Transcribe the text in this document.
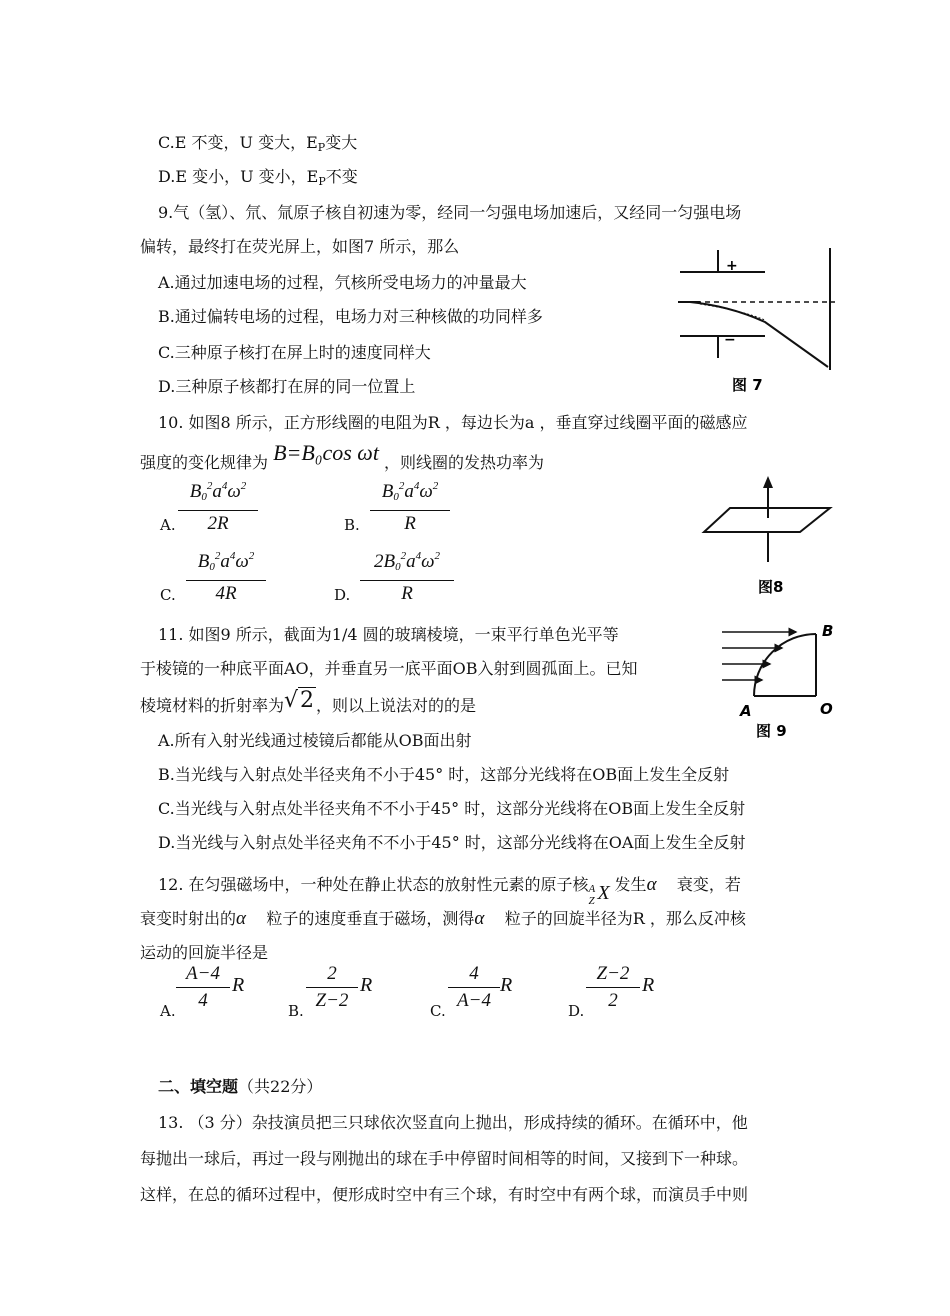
C.E 不变，U 变大，$E_P$变大
D.E 变小，U 变小，$E_P$不变
9.气（氢）、氘、氚原子核自初速为零，经同一匀强电场加速后，又经同一匀强电场
偏转，最终打在荧光屏上，如图7 所示，那么
A.通过加速电场的过程，氕核所受电场力的冲量最大
B.通过偏转电场的过程，电场力对三种核做的功同样多
C.三种原子核打在屏上时的速度同样大
D.三种原子核都打在屏的同一位置上
+
−
图 7
10. 如图8 所示，正方形线圈的电阻为R ，每边长为a ，垂直穿过线圈平面的磁感应
强度的变化规律为 B=B₀cos ωt ，则线圈的发热功率为
A. $\frac{B_0^2a^4\omega^2}{2R}$	B. $\frac{B_0^2a^4\omega^2}{R}$
C. $\frac{B_0^2a^4\omega^2}{4R}$	D. $\frac{2B_0^2a^4\omega^2}{R}$	图8
11. 如图9 所示，截面为1/4 圆的玻璃棱境，一束平行单色光平等
于棱镜的一种底平面AO，并垂直另一底平面OB入射到圆孤面上。已知
棱境材料的折射率为√2 ，则以上说法对的的是
A.所有入射光线通过棱镜后都能从OB面出射
B.当光线与入射点处半径夹角不小于45° 时，这部分光线将在OB面上发生全反射
C.当光线与入射点处半径夹角不不小于45° 时，这部分光线将在OB面上发生全反射
D.当光线与入射点处半径夹角不不小于45° 时，这部分光线将在OA面上发生全反射
B
A	O
图 9
12. 在匀强磁场中，一种处在静止状态的放射性元素的原子核 A
Z X 发生α 衰变，若
衰变时射出的α 粒子的速度垂直于磁场，测得α 粒子的回旋半径为R ，那么反冲核
运动的回旋半径是
A. $\frac{A-4}{4}$ R
B. $\frac{2}{Z-2}$ R
C. $\frac{4}{A-4}$ R
D. $\frac{Z-2}{2}$ R
二、填空题（共22分）
13. （3 分）杂技演员把三只球依次竖直向上抛出，形成持续的循环。在循环中，他
每抛出一球后，再过一段与刚抛出的球在手中停留时间相等的时间，又接到下一种球。
这样，在总的循环过程中，便形成时空中有三个球，有时空中有两个球，而演员手中则
